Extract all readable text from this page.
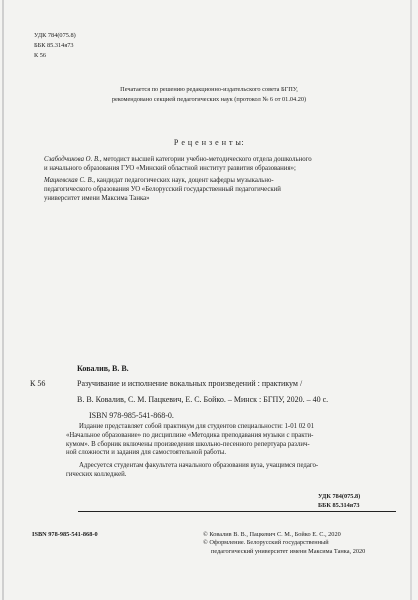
УДК 784(075.8)
ББК 85.314я73
К 56
Печатается по решению редакционно-издательского совета БГПУ,
рекомендовано секцией педагогических наук (протокол № 6 от 01.04.20)
Р е ц е н з е н т ы:
Сзабодчикова О. В., методист высшей категории учебно-методического отдела дошкольного
и начального образования ГУО «Минский областной институт развития образования»;
Мацкевская С. В., кандидат педагогических наук, доцент кафедры музыкально-
педагогического образования УО «Белорусский государственный педагогический
университет имени Максима Танка»
Ковалив, В. В.
К 56	Разучивание и исполнение вокальных произведений : практикум /
В. В. Ковалив, С. М. Пацкевич, Е. С. Бойко. – Минск : БГПУ, 2020. – 40 с.
ISBN 978-985-541-868-0.
Издание представляет собой практикум для студентов специальности: 1-01 02 01
«Начальное образование» по дисциплине «Методика преподавания музыки с практи-
кумом». В сборник включены произведения школьно-песенного репертуара различ-
ной сложности и задания для самостоятельной работы.
Адресуется студентам факультета начального образования вуза, учащимся педаго-
гических колледжей.
УДК 784(075.8)
ББК 85.314я73
ISBN 978-985-541-868-0	© Ковалив В. В., Пацкевич С. М., Бойко Е. С., 2020
© Оформление. Белорусский государственный
педагогический университет имени Максима Танка, 2020
